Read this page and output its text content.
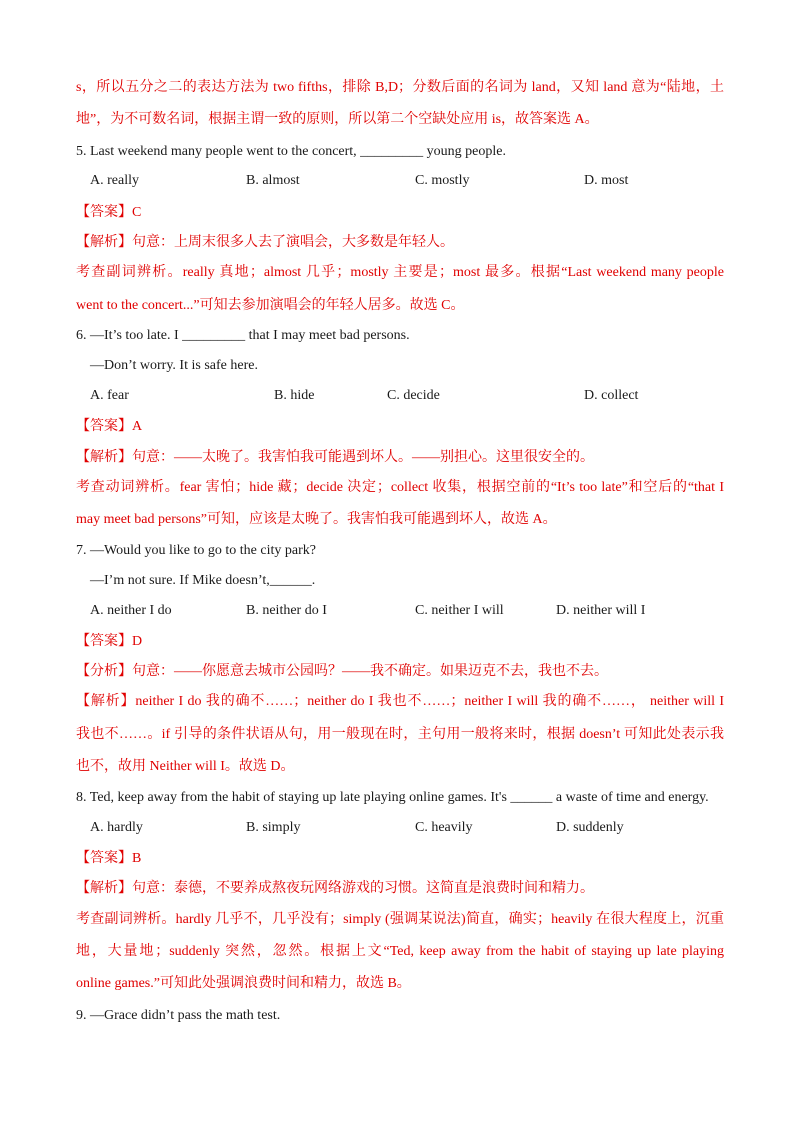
s，所以五分之二的表达方法为 two fifths，排除 B,D；分数后面的名词为 land，又知 land 意为“陆地，土
地”，为不可数名词，根据主谓一致的原则，所以第二个空缺处应用 is，故答案选 A。
5. Last weekend many people went to the concert, _________ young people.
A. really	B. almost	C. mostly	D. most
【答案】C
【解析】句意：上周末很多人去了演唱会，大多数是年轻人。
考查副词辨析。really 真地；almost 几乎；mostly 主要是；most 最多。根据“Last weekend many people
went to the concert...”可知去参加演唱会的年轻人居多。故选 C。
6. —It’s too late. I _________ that I may meet bad persons.
—Don’t worry. It is safe here.
A. fear	B. hide	C. decide	D. collect
【答案】A
【解析】句意：——太晚了。我害怕我可能遇到坏人。——别担心。这里很安全的。
考查动词辨析。fear 害怕；hide 藏；decide 决定；collect 收集，根据空前的“It’s too late”和空后的“that I
may meet bad persons”可知，应该是太晚了。我害怕我可能遇到坏人，故选 A。
7. —Would you like to go to the city park?
—I’m not sure. If Mike doesn’t,______.
A. neither I do	B. neither do I	C. neither I will	D. neither will I
【答案】D
【分析】句意：——你愿意去城市公园吗？——我不确定。如果迈克不去，我也不去。
【解析】neither I do 我的确不……；neither do I 我也不……；neither I will 我的确不……， neither will I
我也不……。if 引导的条件状语从句，用一般现在时，主句用一般将来时，根据 doesn’t 可知此处表示我
也不，故用 Neither will I。故选 D。
8. Ted, keep away from the habit of staying up late playing online games. It's ______ a waste of time and energy.
A. hardly	B. simply	C. heavily	D. suddenly
【答案】B
【解析】句意：泰德，不要养成熬夜玩网络游戏的习惯。这简直是浪费时间和精力。
考查副词辨析。hardly 几乎不，几乎没有；simply (强调某说法)简直，确实；heavily 在很大程度上，沉重
地，大量地；suddenly 突然，忽然。根据上文“Ted, keep away from the habit of staying up late playing
online games.”可知此处强调浪费时间和精力，故选 B。
9. —Grace didn’t pass the math test.
